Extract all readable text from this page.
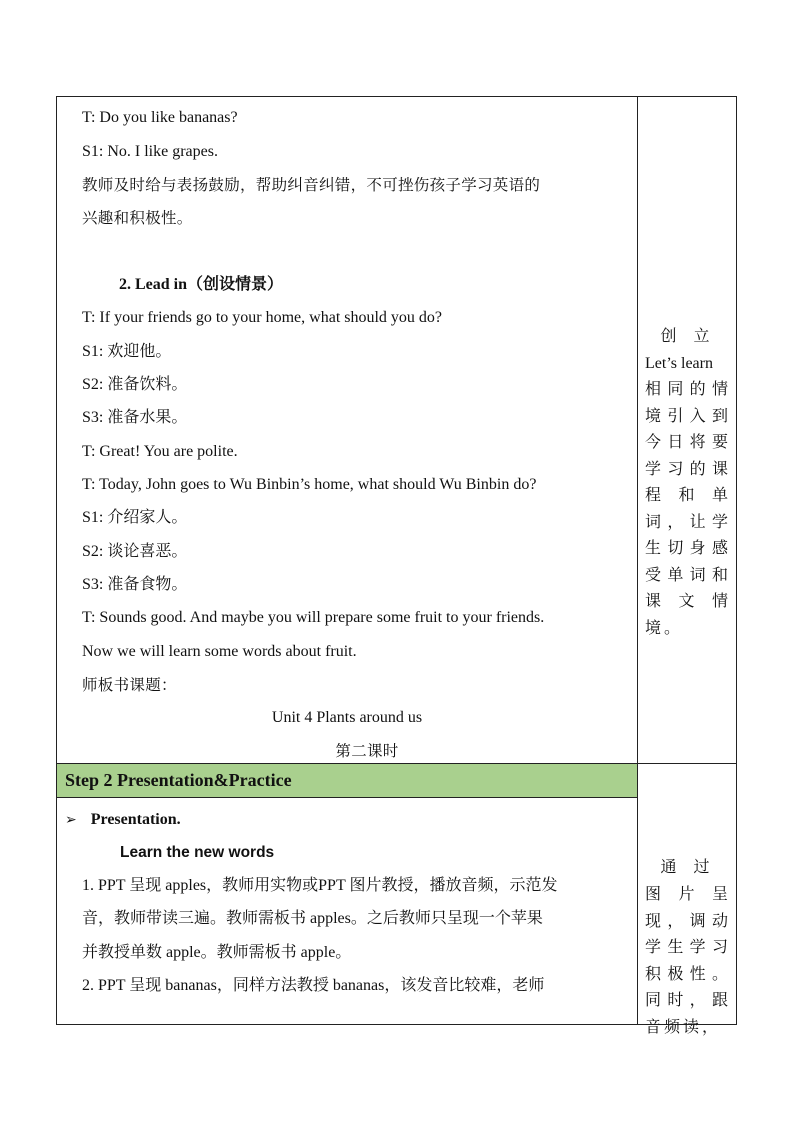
T: Do you like bananas?
S1: No. I like grapes.
教师及时给与表扬鼓励，帮助纠音纠错，不可挫伤孩子学习英语的
兴趣和积极性。
2. Lead in（创设情景）
T: If your friends go to your home, what should you do?
S1: 欢迎他。
S2: 准备饮料。
S3: 准备水果。
T: Great! You are polite.
T: Today, John goes to Wu Binbin’s home, what should Wu Binbin do?
S1: 介绍家人。
S2: 谈论喜恶。
S3: 准备食物。
T: Sounds good. And maybe you will prepare some fruit to your friends.
Now we will learn some words about fruit.
师板书课题：
Unit 4 Plants around us
第二课时
Step 2 Presentation&Practice
➢ Presentation.
Learn the new words
1. PPT 呈现 apples，教师用实物或PPT 图片教授，播放音频，示范发
音，教师带读三遍。教师需板书 apples。之后教师只呈现一个苹果
并教授单数 apple。教师需板书 apple。
2. PPT 呈现 bananas，同样方法教授 bananas，该发音比较难，老师
创 立
Let’s learn
相同的情境引入到今日将要学习的课程和单词，让学生切身感受单词和课文情境。
通 过
图片呈现，调动学生学习积极性。同时，跟音频读，
